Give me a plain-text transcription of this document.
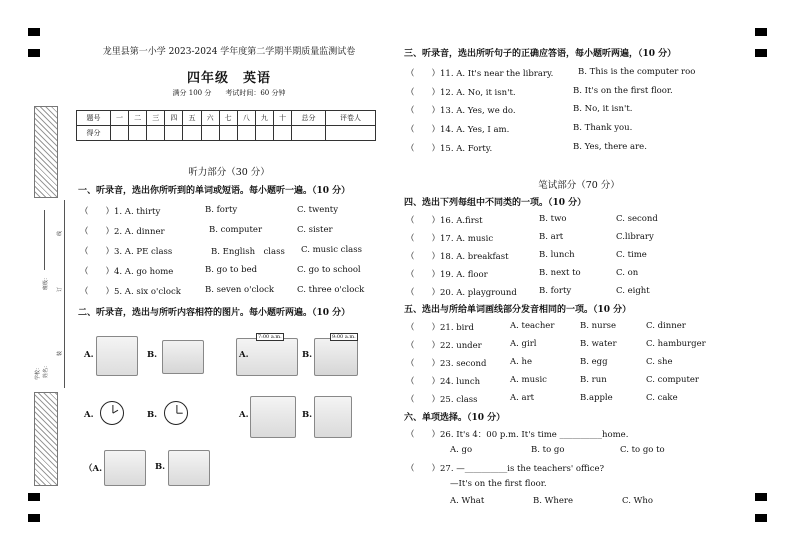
线
订
装
班级：
姓名：
学校：
龙里县第一小学 2023-2024 学年度第二学期半期质量监测试卷
四年级　英语
满分 100 分　　考试时间：60 分钟
题号	一	二	三	四	五	六	七	八	九	十	总分	评卷人
得分												
听力部分（30 分）
一、听录音，选出你所听到的单词或短语。每小题听一遍。（10 分）
（　　）1. A. thirty	B. forty	C. twenty
（　　）2. A. dinner	B. computer	C. sister
（　　）3. A. PE class	B. English　class C. music class
（　　）4. A. go home	B. go to bed	C. go to school
（　　）5. A. six o'clock	B. seven o'clock	C. three o'clock
二、听录音，选出与所听内容相符的图片。每小题听两遍。（10 分）
A.	B.
7:00 a.m.
A.	B.
9:00 a.m.
A.	B.	A.	B.
（A.	B.
三、听录音，选出所听句子的正确应答语，每小题听两遍，（10 分）
（　　）11. A. It's near the library.	B. This is the computer roo
（　　）12. A. No, it isn't.	B. It's on the first floor.
（　　）13. A. Yes, we do.	B. No, it isn't.
（　　）14. A. Yes, I am.	B. Thank you.
（　　）15. A. Forty.	B. Yes, there are.
笔试部分（70 分）
四、选出下列每组中不同类的一项。（10 分）
（　　）16. A.first	B. two	C. second
（　　）17. A. music	B. art	C.library
（　　）18. A. breakfast	B. lunch	C. time
（　　）19. A. floor	B. next to	C. on
（　　）20. A. playground	B. forty	C. eight
五、选出与所给单词画线部分发音相同的一项。（10 分）
（　　）21. bird	A. teacher	B. nurse	C. dinner
（　　）22. under	A. girl	B. water	C. hamburger
（　　）23. second	A. he	B. egg	C. she
（　　）24. lunch	A. music	B. run	C. computer
（　　）25. class	A. art	B.apple	C. cake
六、单项选择。（10 分）
（　　）26. It's 4：00 p.m. It's time __________home.
A. go	B. to go	C. to go to
（　　）27. —__________is the teachers' office?
—It's on the first floor.
A. What	B. Where	C. Who
